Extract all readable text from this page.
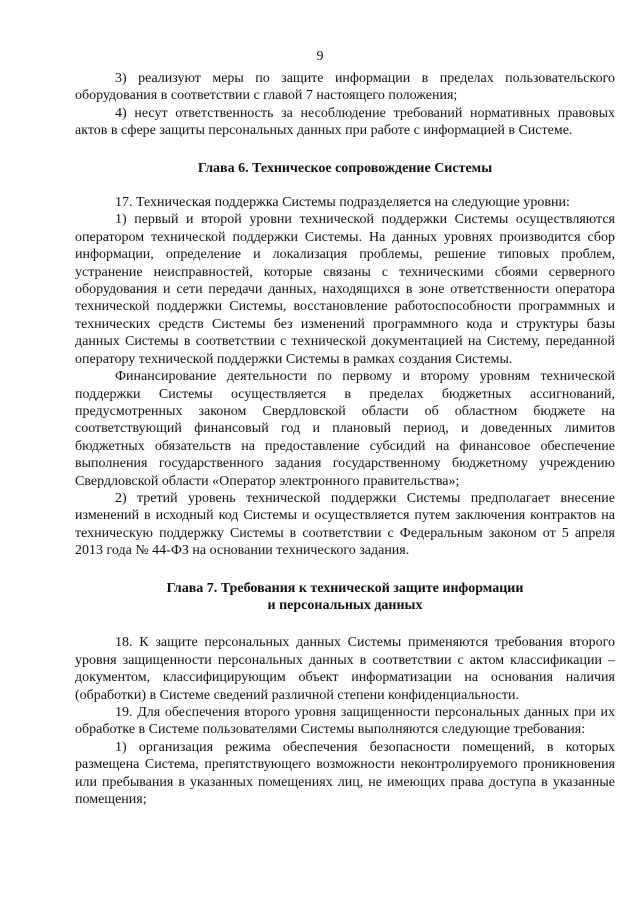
9

3) реализуют меры по защите информации в пределах пользовательского оборудования в соответствии с главой 7 настоящего положения;

4) несут ответственность за несоблюдение требований нормативных правовых актов в сфере защиты персональных данных при работе с информацией в Системе.

Глава 6. Техническое сопровождение Системы

17. Техническая поддержка Системы подразделяется на следующие уровни:

1) первый и второй уровни технической поддержки Системы осуществляются оператором технической поддержки Системы. На данных уровнях производится сбор информации, определение и локализация проблемы, решение типовых проблем, устранение неисправностей, которые связаны с техническими сбоями серверного оборудования и сети передачи данных, находящихся в зоне ответственности оператора технической поддержки Системы, восстановление работоспособности программных и технических средств Системы без изменений программного кода и структуры базы данных Системы в соответствии с технической документацией на Систему, переданной оператору технической поддержки Системы в рамках создания Системы.

Финансирование деятельности по первому и второму уровням технической поддержки Системы осуществляется в пределах бюджетных ассигнований, предусмотренных законом Свердловской области об областном бюджете на соответствующий финансовый год и плановый период, и доведенных лимитов бюджетных обязательств на предоставление субсидий на финансовое обеспечение выполнения государственного задания государственному бюджетному учреждению Свердловской области «Оператор электронного правительства»;

2) третий уровень технической поддержки Системы предполагает внесение изменений в исходный код Системы и осуществляется путем заключения контрактов на техническую поддержку Системы в соответствии с Федеральным законом от 5 апреля 2013 года № 44-ФЗ на основании технического задания.

Глава 7. Требования к технической защите информации
и персональных данных

18. К защите персональных данных Системы применяются требования второго уровня защищенности персональных данных в соответствии с актом классификации – документом, классифицирующим объект информатизации на основания наличия (обработки) в Системе сведений различной степени конфиденциальности.

19. Для обеспечения второго уровня защищенности персональных данных при их обработке в Системе пользователями Системы выполняются следующие требования:

1) организация режима обеспечения безопасности помещений, в которых размещена Система, препятствующего возможности неконтролируемого проникновения или пребывания в указанных помещениях лиц, не имеющих права доступа в указанные помещения;
